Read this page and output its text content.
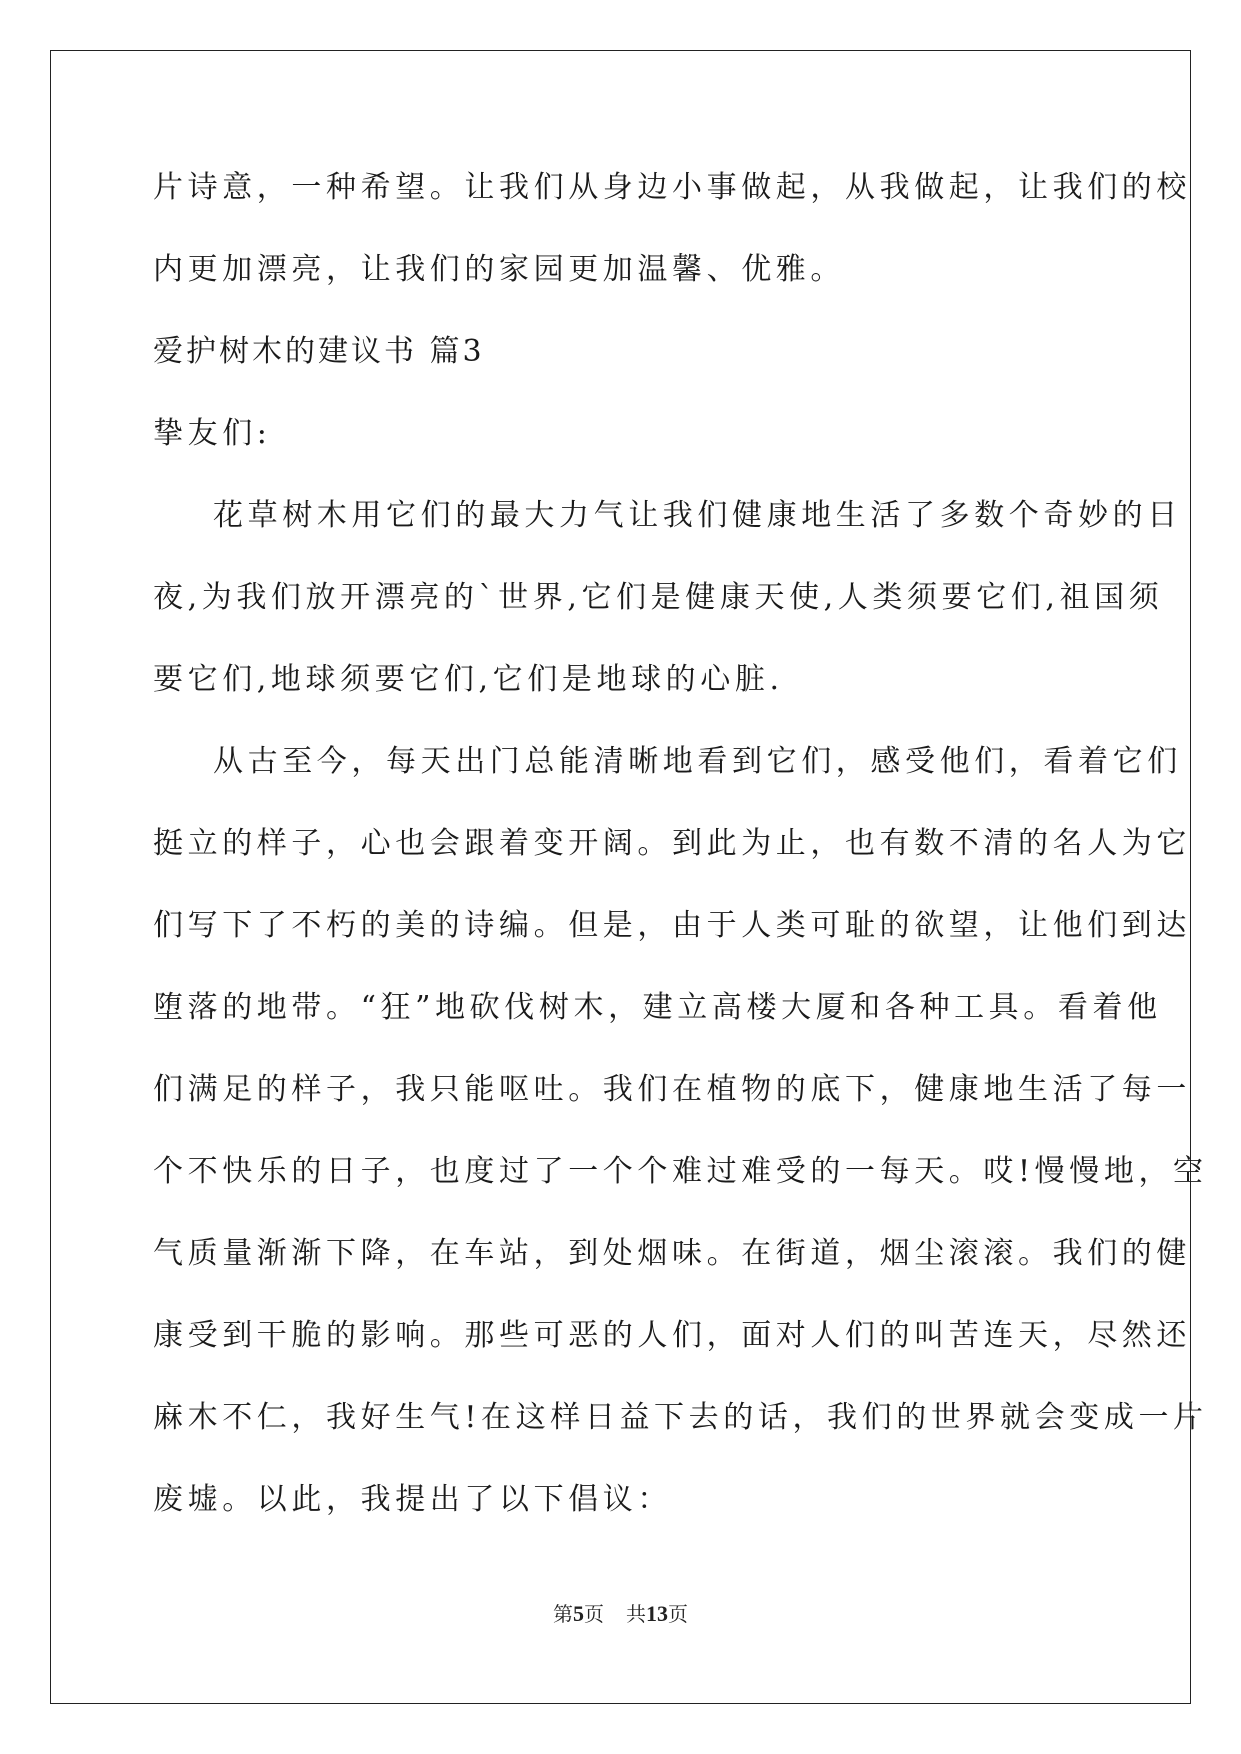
片诗意，一种希望。让我们从身边小事做起，从我做起，让我们的校
内更加漂亮，让我们的家园更加温馨、优雅。
爱护树木的建议书 篇3
挚友们:
花草树木用它们的最大力气让我们健康地生活了多数个奇妙的日
夜,为我们放开漂亮的`世界,它们是健康天使,人类须要它们,祖国须
要它们,地球须要它们,它们是地球的心脏.
从古至今，每天出门总能清晰地看到它们，感受他们，看着它们
挺立的样子，心也会跟着变开阔。到此为止，也有数不清的名人为它
们写下了不朽的美的诗编。但是，由于人类可耻的欲望，让他们到达
堕落的地带。“狂”地砍伐树木，建立高楼大厦和各种工具。看着他
们满足的样子，我只能呕吐。我们在植物的底下，健康地生活了每一
个不快乐的日子，也度过了一个个难过难受的一每天。哎!慢慢地，空
气质量渐渐下降，在车站，到处烟味。在街道，烟尘滚滚。我们的健
康受到干脆的影响。那些可恶的人们，面对人们的叫苦连天，尽然还
麻木不仁，我好生气!在这样日益下去的话，我们的世界就会变成一片
废墟。以此，我提出了以下倡议：
第5页 共13页
